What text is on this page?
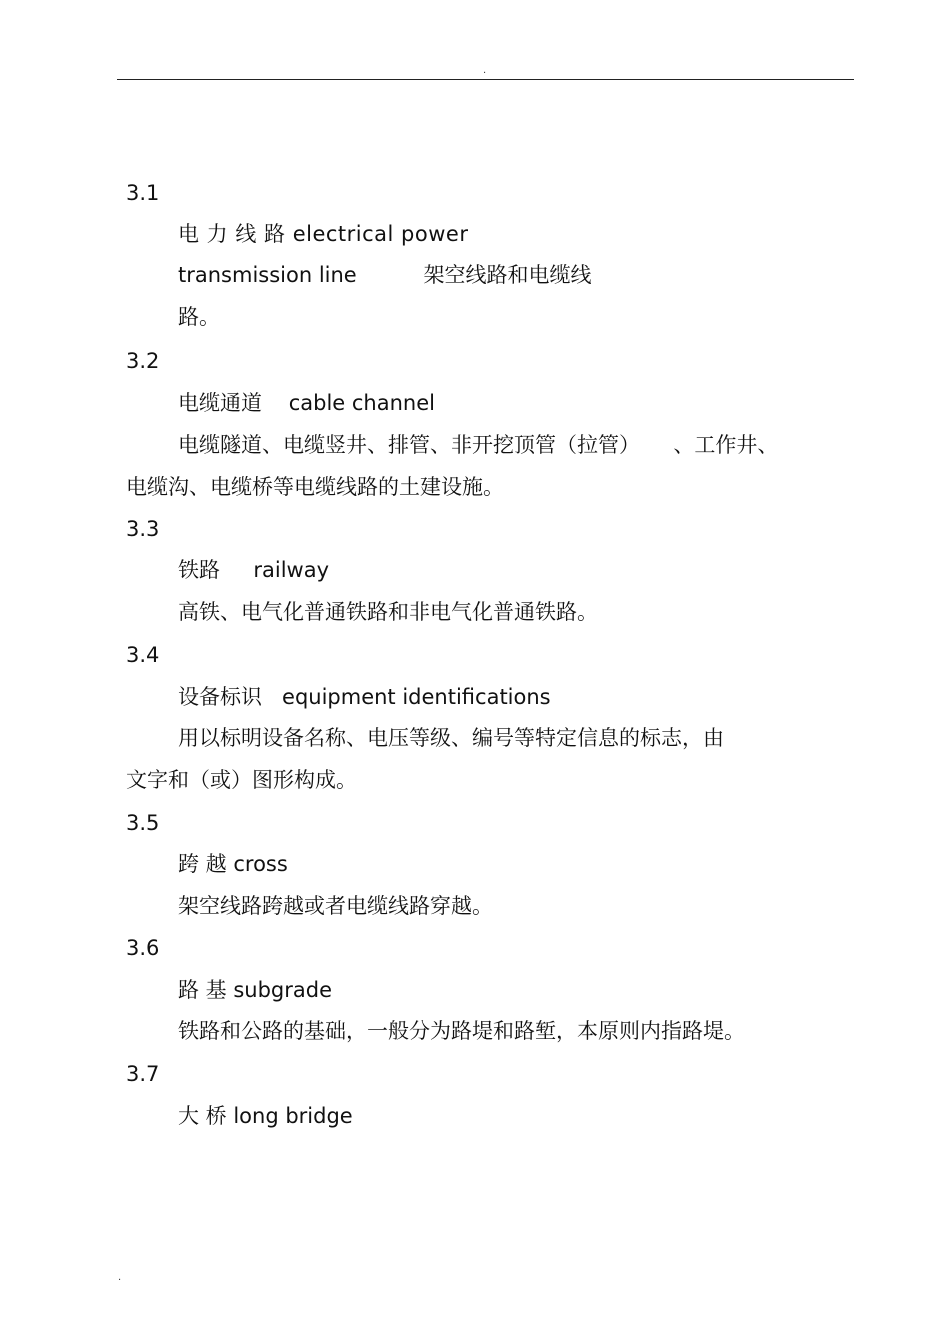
.
3.1
电 力 线 路 electrical power
transmission line          架空线路和电缆线
路。
3.2
电缆通道    cable channel
电缆隧道、电缆竖井、排管、非开挖顶管（拉管）     、工作井、
电缆沟、电缆桥等电缆线路的土建设施。
3.3
铁路     railway
高铁、电气化普通铁路和非电气化普通铁路。
3.4
设备标识   equipment identifications
用以标明设备名称、电压等级、编号等特定信息的标志，由
文字和（或）图形构成。
3.5
跨 越 cross
架空线路跨越或者电缆线路穿越。
3.6
路 基 subgrade
铁路和公路的基础，一般分为路堤和路堑，本原则内指路堤。
3.7
大 桥 long bridge
.
